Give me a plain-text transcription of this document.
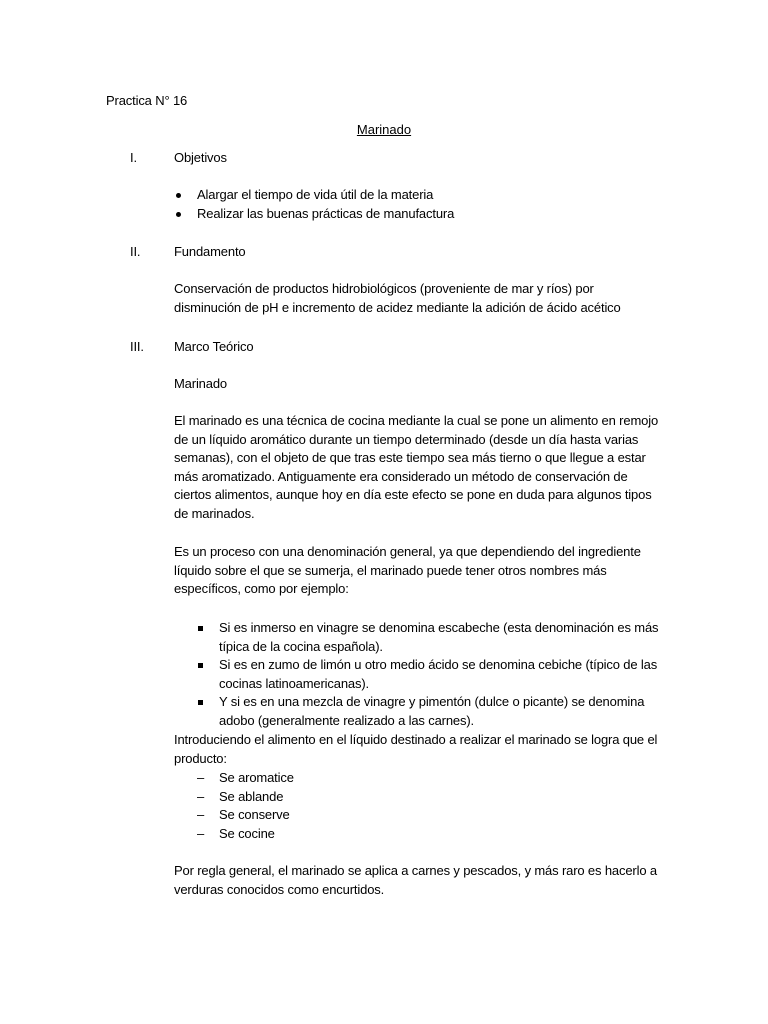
Practica N° 16
Marinado
I.	Objetivos
Alargar el tiempo de vida útil de la materia
Realizar las buenas prácticas de manufactura
II.	Fundamento
Conservación de productos hidrobiológicos (proveniente de mar y ríos) por
disminución de pH e incremento de acidez mediante la adición de ácido acético
III. Marco Teórico
Marinado
El marinado es una técnica de cocina mediante la cual se pone un alimento en remojo
de un líquido aromático durante un tiempo determinado (desde un día hasta varias
semanas), con el objeto de que tras este tiempo sea más tierno o que llegue a estar
más aromatizado. Antiguamente era considerado un método de conservación de
ciertos alimentos, aunque hoy en día este efecto se pone en duda para algunos tipos
de marinados.
Es un proceso con una denominación general, ya que dependiendo del ingrediente
líquido sobre el que se sumerja, el marinado puede tener otros nombres más
específicos, como por ejemplo:
Si es inmerso en vinagre se denomina escabeche (esta denominación es más
típica de la cocina española).
Si es en zumo de limón u otro medio ácido se denomina cebiche (típico de las
cocinas latinoamericanas).
Y si es en una mezcla de vinagre y pimentón (dulce o picante) se denomina
adobo (generalmente realizado a las carnes).
Introduciendo el alimento en el líquido destinado a realizar el marinado se logra que el
producto:
– Se aromatice
– Se ablande
– Se conserve
– Se cocine
Por regla general, el marinado se aplica a carnes y pescados, y más raro es hacerlo a
verduras conocidos como encurtidos.
